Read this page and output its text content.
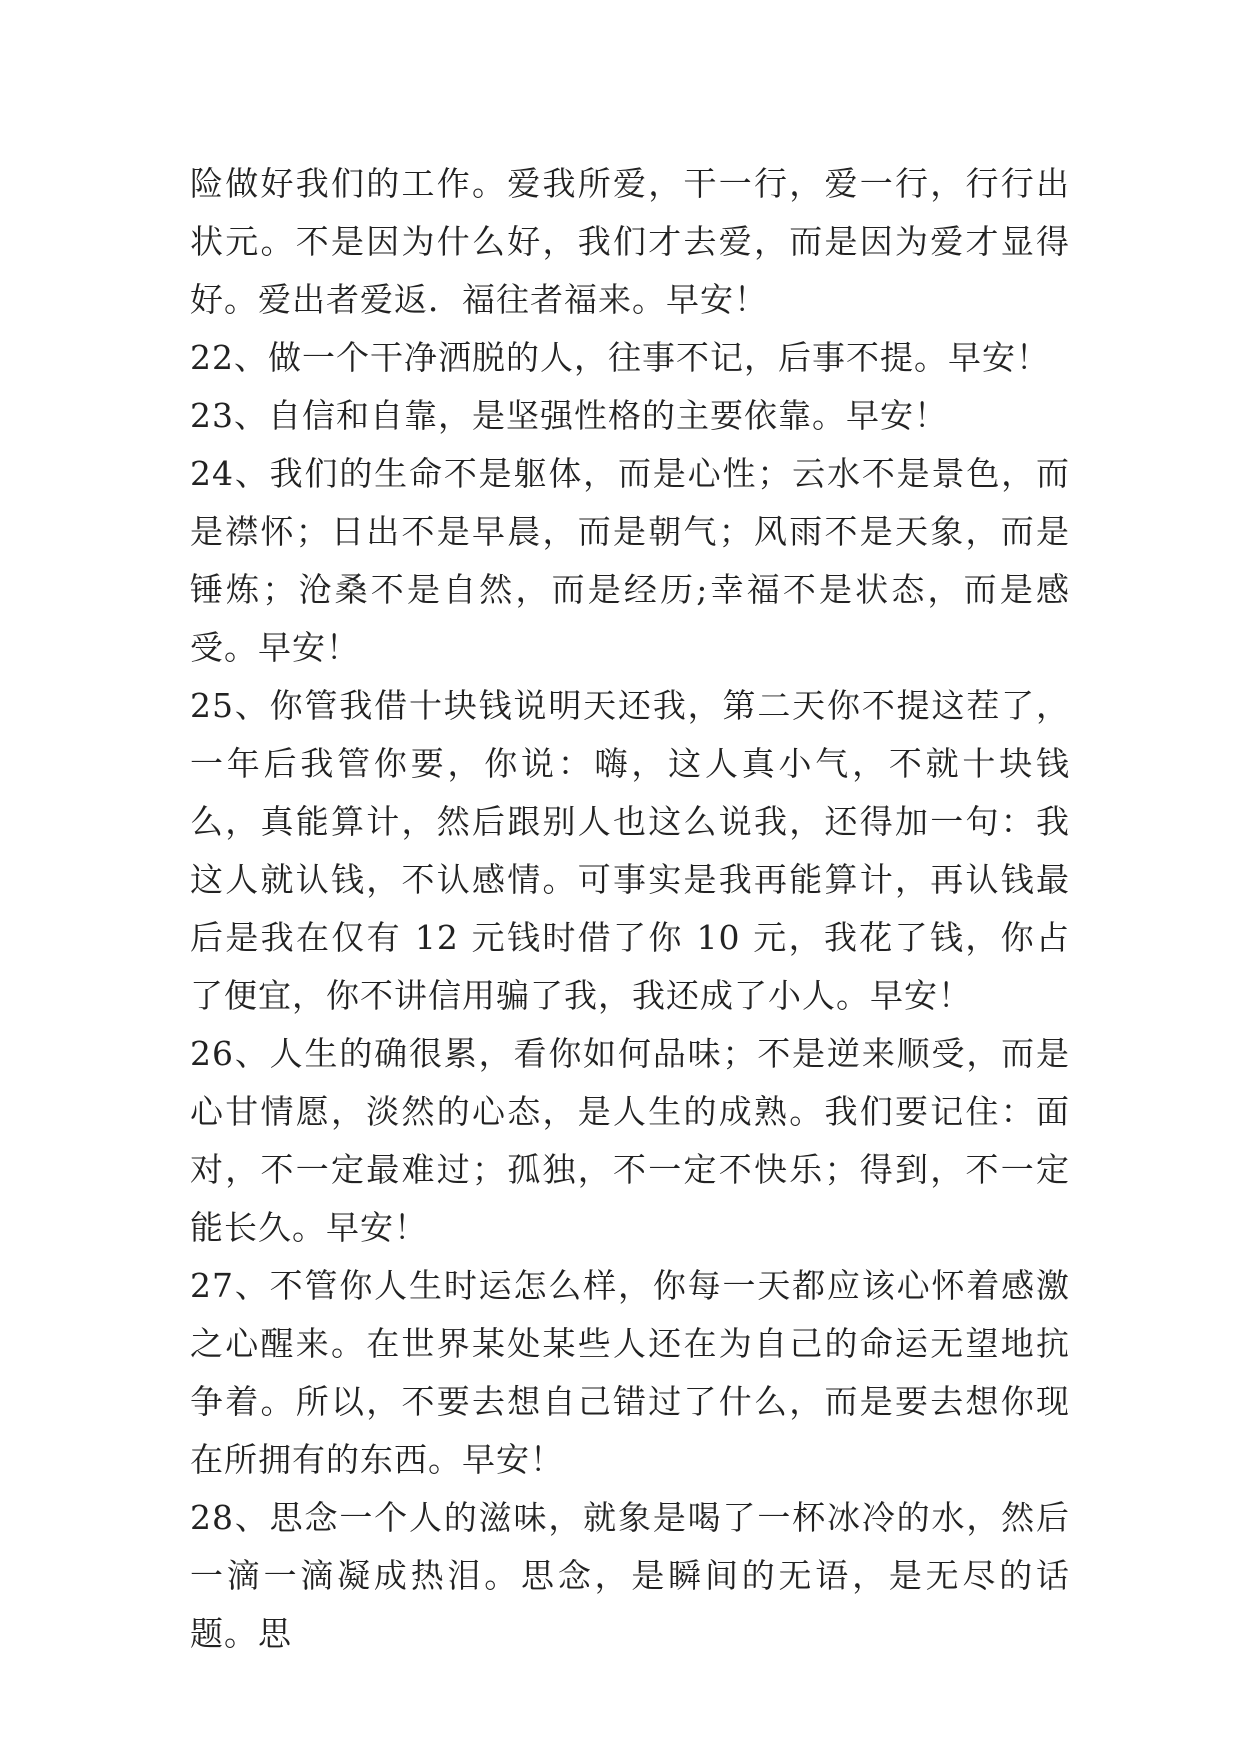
险做好我们的工作。爱我所爱，干一行，爱一行，行行出状元。不是因为什么好，我们才去爱，而是因为爱才显得好。爱出者爱返．福往者福来。早安！

22、做一个干净洒脱的人，往事不记，后事不提。早安！

23、自信和自靠，是坚强性格的主要依靠。早安！

24、我们的生命不是躯体，而是心性；云水不是景色，而是襟怀；日出不是早晨，而是朝气；风雨不是天象，而是锤炼；沧桑不是自然，而是经历;幸福不是状态，而是感受。早安！

25、你管我借十块钱说明天还我，第二天你不提这茬了，一年后我管你要，你说：嗨，这人真小气，不就十块钱么，真能算计，然后跟别人也这么说我，还得加一句：我这人就认钱，不认感情。可事实是我再能算计，再认钱最后是我在仅有 12 元钱时借了你 10 元，我花了钱，你占了便宜，你不讲信用骗了我，我还成了小人。早安！

26、人生的确很累，看你如何品味；不是逆来顺受，而是心甘情愿，淡然的心态，是人生的成熟。我们要记住：面对，不一定最难过；孤独，不一定不快乐；得到，不一定能长久。早安！

27、不管你人生时运怎么样，你每一天都应该心怀着感激之心醒来。在世界某处某些人还在为自己的命运无望地抗争着。所以，不要去想自己错过了什么，而是要去想你现在所拥有的东西。早安！

28、思念一个人的滋味，就象是喝了一杯冰冷的水，然后一滴一滴凝成热泪。思念，是瞬间的无语，是无尽的话题。思
